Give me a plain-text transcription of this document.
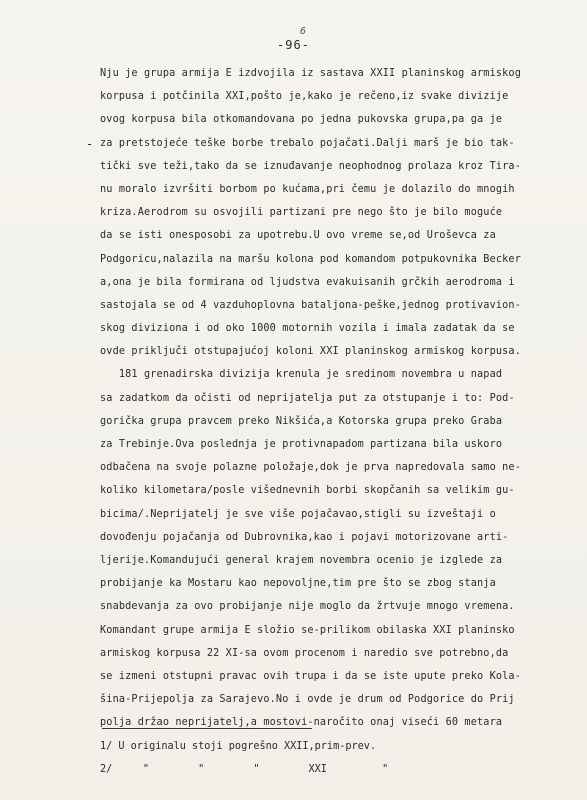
6
-96-
-
Nju je grupa armija E izdvojila iz sastava XXII planinskog armiskog
korpusa i potčinila XXI,pošto je,kako je rečeno,iz svake divizije
ovog korpusa bila otkomandovana po jedna pukovska grupa,pa ga je
za pretstojeće teške borbe trebalo pojačati.Dalji marš je bio tak-
tički sve teži,tako da se iznuđavanje neophodnog prolaza kroz Tira-
nu moralo izvršiti borbom po kućama,pri čemu je dolazilo do mnogih
kriza.Aerodrom su osvojili partizani pre nego što je bilo moguće
da se isti onesposobi za upotrebu.U ovo vreme se,od Uroševca za
Podgoricu,nalazila na maršu kolona pod komandom potpukovnika Becker
a,ona je bila formirana od ljudstva evakuisanih grčkih aerodroma i
sastojala se od 4 vazduhoplovna bataljona-peške,jednog protivavion-
skog divizionа i od oko 1000 motornih vozila i imala zadatak da se
ovde priključi otstupajućoj koloni XXI planinskog armiskog korpusa.
181 grenadirska divizija krenula je sredinom novembra u napad
sa zadatkom da očisti od neprijatelja put za otstupanje i to: Pod-
gorička grupa pravcem preko Nikšića,a Kotorska grupa preko Graba
za Trebinje.Ova poslednja je protivnapadom partizana bila uskoro
odbačena na svoje polazne položaje,dok je prva napredovala samo ne-
koliko kilometara/posle višednevnih borbi skopčanih sa velikim gu-
bicima/.Neprijatelj je sve više pojačavao,stigli su izveštaji o
dovođenju pojačanja od Dubrovnika,kao i pojavi motorizovane arti-
ljerije.Komandujući general krajem novembra ocenio je izglede za
probijanje ka Mostaru kao nepovoljne,tim pre što se zbog stanja
snabdevanja za ovo probijanje nije moglo da žrtvuje mnogo vremena.
Komandant grupe armija E složio se-prilikom obilaska XXI planinsko
armiskog korpusa 22 XI-sa ovom procenom i naredio sve potrebno,da
se izmeni otstupni pravac ovih trupa i da se iste upute preko Kola-
šina-Prijepolja za Sarajevo.No i ovde je drum od Podgorice do Prij
polja držao neprijatelj,a mostovi-naročito onaj viseći 60 metara
1/ U originalu stoji pogrešno XXII,prim-prev.
2/     "        "        "        XXI         "
